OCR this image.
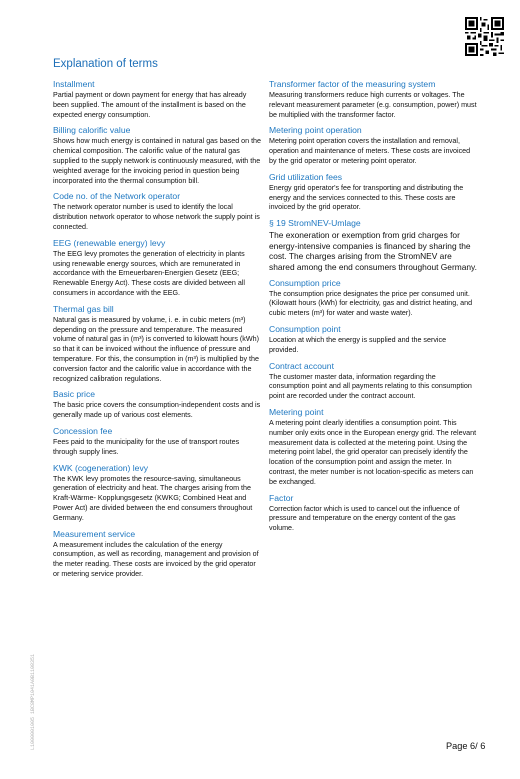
Explanation of terms
Installment

Partial payment or down payment for energy that has already been supplied. The amount of the installment is based on the expected energy consumption.

Billing calorific value

Shows how much energy is contained in natural gas based on the chemical composition. The calorific value of the natural gas supplied to the supply network is continuously measured, with the weighted average for the invoicing period in question being incorporated into the thermal consumption bill.

Code no. of the Network operator

The network operator number is used to identify the local distribution network operator to whose network the supply point is connected.

EEG (renewable energy) levy

The EEG levy promotes the generation of electricity in plants using renewable energy sources, which are remunerated in accordance with the Erneuerbaren-Energien Gesetz (EEG; Renewable Energy Act). These costs are divided between all consumers in accordance with the EEG.

Thermal gas bill

Natural gas is measured by volume, i. e. in cubic meters (m³) depending on the pressure and temperature. The measured volume of natural gas in (m³) is converted to kilowatt hours (kWh) so that it can be invoiced without the influence of pressure and temperature. For this, the consumption in (m³) is multiplied by the conversion factor and the calorific value in accordance with the recognized calibration regulations.

Basic price

The basic price covers the consumption-independent costs and is generally made up of various cost elements.

Concession fee

Fees paid to the municipality for the use of transport routes through supply lines.

KWK (cogeneration) levy

The KWK levy promotes the resource-saving, simultaneous generation of electricity and heat. The charges arising from the Kraft-Wärme- Kopplungsgesetz (KWKG; Combined Heat and Power Act) are divided between the end consumers throughout Germany.

Measurement service

A measurement includes the calculation of the energy consumption, as well as recording, management and provision of the meter reading. These costs are invoiced by the grid operator or metering service provider.

Transformer factor of the measuring system

Measuring transformers reduce high currents or voltages. The relevant measurement parameter (e.g. consumption, power) must be multiplied with the transformer factor.

Metering point operation

Metering point operation covers the installation and removal, operation and maintenance of meters. These costs are invoiced by the grid operator or metering point operator.

Grid utilization fees

Energy grid operator's fee for transporting and distributing the energy and the services connected to this. These costs are invoiced by the grid operator.

§ 19 StromNEV-Umlage

The exoneration or exemption from grid charges for energy-intensive companies is financed by sharing the cost. The charges arising from the StromNEV are shared among the end consumers throughout Germany.

Consumption price

The consumption price designates the price per consumed unit. (Kilowatt hours (kWh) for electricity, gas and district heating, and cubic meters (m³) for water and waste water).

Consumption point

Location at which the energy is supplied and the service provided.

Contract account

The customer master data, information regarding the consumption point and all payments relating to this consumption point are recorded under the contract account.

Metering point

A metering point clearly identifies a consumption point. This number only exits once in the European energy grid. The relevant measurement data is collected at the metering point. Using the metering point label, the grid operator can precisely identify the location of the consumption point and assign the meter. In contrast, the meter number is not location-specific as meters can be exchanged.

Factor

Correction factor which is used to cancel out the influence of pressure and temperature on the energy content of the gas volume.

L1000001005 1BC8MP1041A0B1108351	Page 6/ 6
